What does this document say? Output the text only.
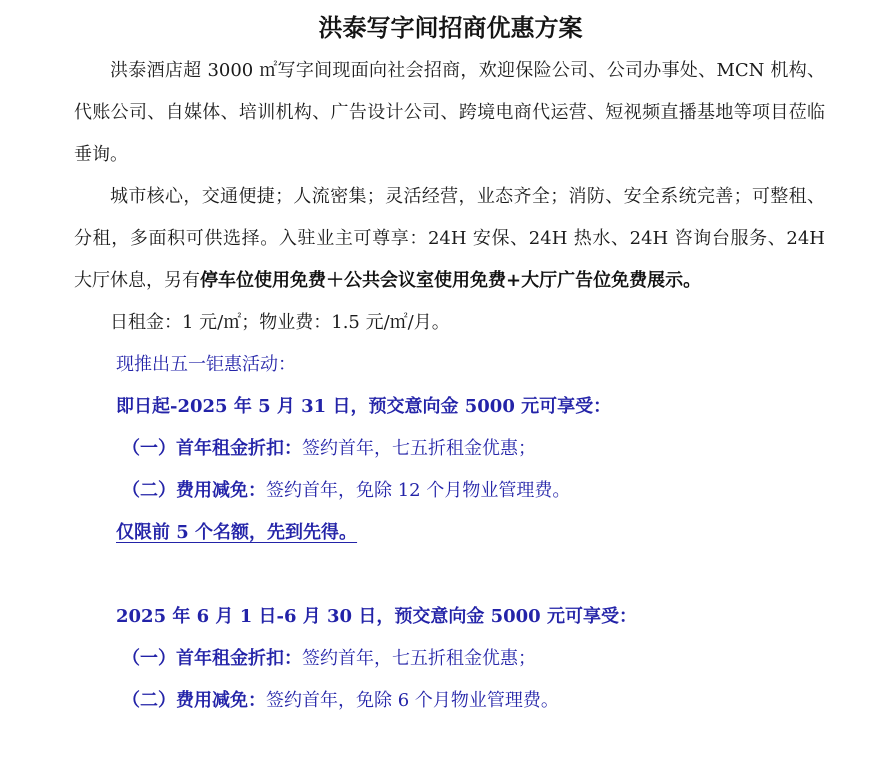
洪泰写字间招商优惠方案

洪泰酒店超 3000 ㎡写字间现面向社会招商，欢迎保险公司、公司办事处、MCN 机构、代账公司、自媒体、培训机构、广告设计公司、跨境电商代运营、短视频直播基地等项目莅临垂询。

城市核心，交通便捷；人流密集；灵活经营，业态齐全；消防、安全系统完善；可整租、分租，多面积可供选择。入驻业主可尊享：24H 安保、24H 热水、24H 咨询台服务、24H 大厅休息，另有停车位使用免费＋公共会议室使用免费+大厅广告位免费展示。

日租金：1 元/㎡；物业费：1.5 元/㎡/月。

现推出五一钜惠活动：
即日起-2025 年 5 月 31 日，预交意向金 5000 元可享受：
（一）首年租金折扣：签约首年，七五折租金优惠；
（二）费用减免：签约首年，免除 12 个月物业管理费。
仅限前 5 个名额，先到先得。
2025 年 6 月 1 日-6 月 30 日，预交意向金 5000 元可享受：
（一）首年租金折扣：签约首年，七五折租金优惠；
（二）费用减免：签约首年，免除 6 个月物业管理费。
